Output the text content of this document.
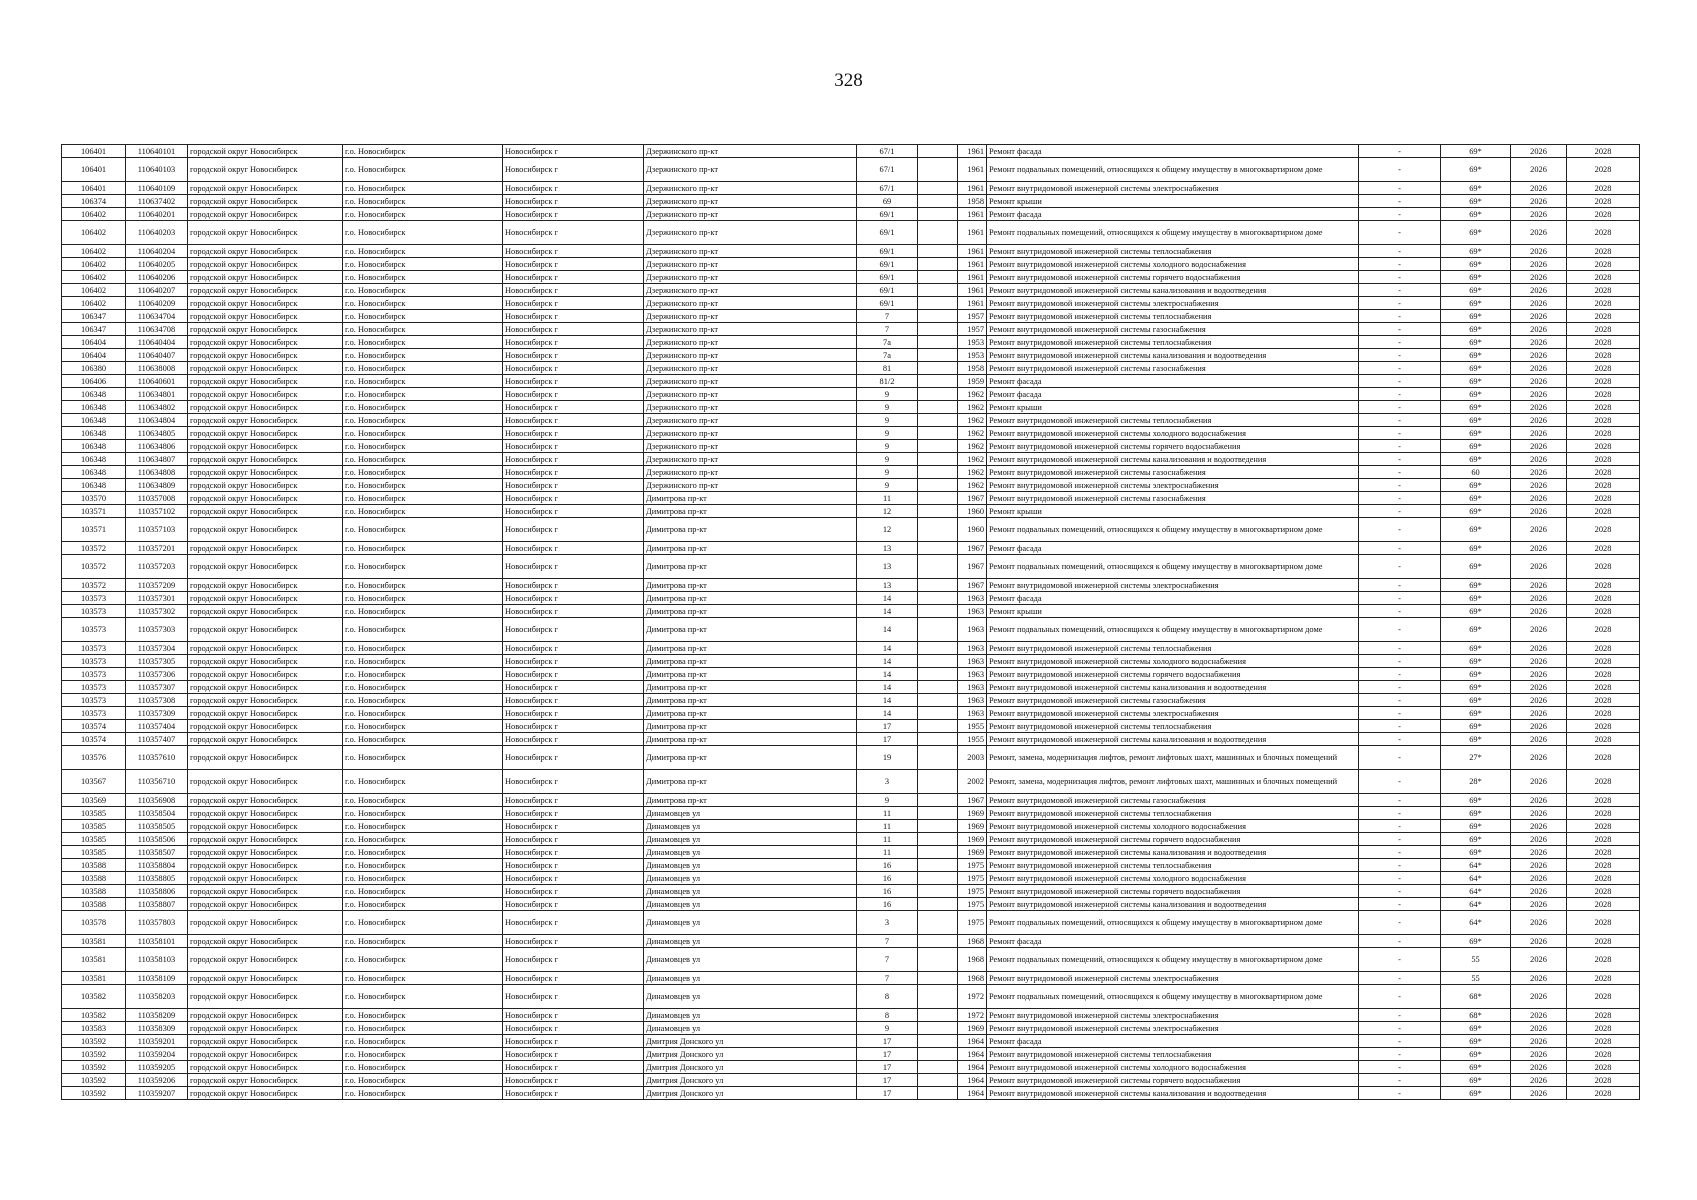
328
106401	110640101	городской округ Новосибирск	г.о. Новосибирск	Новосибирск г	Дзержинского пр-кт	67/1		1961	Ремонт фасада	-	69*	2026	2028
106401	110640103	городской округ Новосибирск	г.о. Новосибирск	Новосибирск г	Дзержинского пр-кт	67/1		1961	Ремонт подвальных помещений, относящихся к общему имуществу в многоквартирном доме	-	69*	2026	2028
106401	110640109	городской округ Новосибирск	г.о. Новосибирск	Новосибирск г	Дзержинского пр-кт	67/1		1961	Ремонт внутридомовой инженерной системы электроснабжения	-	69*	2026	2028
106374	110637402	городской округ Новосибирск	г.о. Новосибирск	Новосибирск г	Дзержинского пр-кт	69		1958	Ремонт крыши	-	69*	2026	2028
106402	110640201	городской округ Новосибирск	г.о. Новосибирск	Новосибирск г	Дзержинского пр-кт	69/1		1961	Ремонт фасада	-	69*	2026	2028
106402	110640203	городской округ Новосибирск	г.о. Новосибирск	Новосибирск г	Дзержинского пр-кт	69/1		1961	Ремонт подвальных помещений, относящихся к общему имуществу в многоквартирном доме	-	69*	2026	2028
106402	110640204	городской округ Новосибирск	г.о. Новосибирск	Новосибирск г	Дзержинского пр-кт	69/1		1961	Ремонт внутридомовой инженерной системы теплоснабжения	-	69*	2026	2028
106402	110640205	городской округ Новосибирск	г.о. Новосибирск	Новосибирск г	Дзержинского пр-кт	69/1		1961	Ремонт внутридомовой инженерной системы холодного водоснабжения	-	69*	2026	2028
106402	110640206	городской округ Новосибирск	г.о. Новосибирск	Новосибирск г	Дзержинского пр-кт	69/1		1961	Ремонт внутридомовой инженерной системы горячего водоснабжения	-	69*	2026	2028
106402	110640207	городской округ Новосибирск	г.о. Новосибирск	Новосибирск г	Дзержинского пр-кт	69/1		1961	Ремонт внутридомовой инженерной системы канализования и водоотведения	-	69*	2026	2028
106402	110640209	городской округ Новосибирск	г.о. Новосибирск	Новосибирск г	Дзержинского пр-кт	69/1		1961	Ремонт внутридомовой инженерной системы электроснабжения	-	69*	2026	2028
106347	110634704	городской округ Новосибирск	г.о. Новосибирск	Новосибирск г	Дзержинского пр-кт	7		1957	Ремонт внутридомовой инженерной системы теплоснабжения	-	69*	2026	2028
106347	110634708	городской округ Новосибирск	г.о. Новосибирск	Новосибирск г	Дзержинского пр-кт	7		1957	Ремонт внутридомовой инженерной системы газоснабжения	-	69*	2026	2028
106404	110640404	городской округ Новосибирск	г.о. Новосибирск	Новосибирск г	Дзержинского пр-кт	7а		1953	Ремонт внутридомовой инженерной системы теплоснабжения	-	69*	2026	2028
106404	110640407	городской округ Новосибирск	г.о. Новосибирск	Новосибирск г	Дзержинского пр-кт	7а		1953	Ремонт внутридомовой инженерной системы канализования и водоотведения	-	69*	2026	2028
106380	110638008	городской округ Новосибирск	г.о. Новосибирск	Новосибирск г	Дзержинского пр-кт	81		1958	Ремонт внутридомовой инженерной системы газоснабжения	-	69*	2026	2028
106406	110640601	городской округ Новосибирск	г.о. Новосибирск	Новосибирск г	Дзержинского пр-кт	81/2		1959	Ремонт фасада	-	69*	2026	2028
106348	110634801	городской округ Новосибирск	г.о. Новосибирск	Новосибирск г	Дзержинского пр-кт	9		1962	Ремонт фасада	-	69*	2026	2028
106348	110634802	городской округ Новосибирск	г.о. Новосибирск	Новосибирск г	Дзержинского пр-кт	9		1962	Ремонт крыши	-	69*	2026	2028
106348	110634804	городской округ Новосибирск	г.о. Новосибирск	Новосибирск г	Дзержинского пр-кт	9		1962	Ремонт внутридомовой инженерной системы теплоснабжения	-	69*	2026	2028
106348	110634805	городской округ Новосибирск	г.о. Новосибирск	Новосибирск г	Дзержинского пр-кт	9		1962	Ремонт внутридомовой инженерной системы холодного водоснабжения	-	69*	2026	2028
106348	110634806	городской округ Новосибирск	г.о. Новосибирск	Новосибирск г	Дзержинского пр-кт	9		1962	Ремонт внутридомовой инженерной системы горячего водоснабжения	-	69*	2026	2028
106348	110634807	городской округ Новосибирск	г.о. Новосибирск	Новосибирск г	Дзержинского пр-кт	9		1962	Ремонт внутридомовой инженерной системы канализования и водоотведения	-	69*	2026	2028
106348	110634808	городской округ Новосибирск	г.о. Новосибирск	Новосибирск г	Дзержинского пр-кт	9		1962	Ремонт внутридомовой инженерной системы газоснабжения	-	60	2026	2028
106348	110634809	городской округ Новосибирск	г.о. Новосибирск	Новосибирск г	Дзержинского пр-кт	9		1962	Ремонт внутридомовой инженерной системы электроснабжения	-	69*	2026	2028
103570	110357008	городской округ Новосибирск	г.о. Новосибирск	Новосибирск г	Димитрова пр-кт	11		1967	Ремонт внутридомовой инженерной системы газоснабжения	-	69*	2026	2028
103571	110357102	городской округ Новосибирск	г.о. Новосибирск	Новосибирск г	Димитрова пр-кт	12		1960	Ремонт крыши	-	69*	2026	2028
103571	110357103	городской округ Новосибирск	г.о. Новосибирск	Новосибирск г	Димитрова пр-кт	12		1960	Ремонт подвальных помещений, относящихся к общему имуществу в многоквартирном доме	-	69*	2026	2028
103572	110357201	городской округ Новосибирск	г.о. Новосибирск	Новосибирск г	Димитрова пр-кт	13		1967	Ремонт фасада	-	69*	2026	2028
103572	110357203	городской округ Новосибирск	г.о. Новосибирск	Новосибирск г	Димитрова пр-кт	13		1967	Ремонт подвальных помещений, относящихся к общему имуществу в многоквартирном доме	-	69*	2026	2028
103572	110357209	городской округ Новосибирск	г.о. Новосибирск	Новосибирск г	Димитрова пр-кт	13		1967	Ремонт внутридомовой инженерной системы электроснабжения	-	69*	2026	2028
103573	110357301	городской округ Новосибирск	г.о. Новосибирск	Новосибирск г	Димитрова пр-кт	14		1963	Ремонт фасада	-	69*	2026	2028
103573	110357302	городской округ Новосибирск	г.о. Новосибирск	Новосибирск г	Димитрова пр-кт	14		1963	Ремонт крыши	-	69*	2026	2028
103573	110357303	городской округ Новосибирск	г.о. Новосибирск	Новосибирск г	Димитрова пр-кт	14		1963	Ремонт подвальных помещений, относящихся к общему имуществу в многоквартирном доме	-	69*	2026	2028
103573	110357304	городской округ Новосибирск	г.о. Новосибирск	Новосибирск г	Димитрова пр-кт	14		1963	Ремонт внутридомовой инженерной системы теплоснабжения	-	69*	2026	2028
103573	110357305	городской округ Новосибирск	г.о. Новосибирск	Новосибирск г	Димитрова пр-кт	14		1963	Ремонт внутридомовой инженерной системы холодного водоснабжения	-	69*	2026	2028
103573	110357306	городской округ Новосибирск	г.о. Новосибирск	Новосибирск г	Димитрова пр-кт	14		1963	Ремонт внутридомовой инженерной системы горячего водоснабжения	-	69*	2026	2028
103573	110357307	городской округ Новосибирск	г.о. Новосибирск	Новосибирск г	Димитрова пр-кт	14		1963	Ремонт внутридомовой инженерной системы канализования и водоотведения	-	69*	2026	2028
103573	110357308	городской округ Новосибирск	г.о. Новосибирск	Новосибирск г	Димитрова пр-кт	14		1963	Ремонт внутридомовой инженерной системы газоснабжения	-	69*	2026	2028
103573	110357309	городской округ Новосибирск	г.о. Новосибирск	Новосибирск г	Димитрова пр-кт	14		1963	Ремонт внутридомовой инженерной системы электроснабжения	-	69*	2026	2028
103574	110357404	городской округ Новосибирск	г.о. Новосибирск	Новосибирск г	Димитрова пр-кт	17		1955	Ремонт внутридомовой инженерной системы теплоснабжения	-	69*	2026	2028
103574	110357407	городской округ Новосибирск	г.о. Новосибирск	Новосибирск г	Димитрова пр-кт	17		1955	Ремонт внутридомовой инженерной системы канализования и водоотведения	-	69*	2026	2028
103576	110357610	городской округ Новосибирск	г.о. Новосибирск	Новосибирск г	Димитрова пр-кт	19		2003	Ремонт, замена, модернизация лифтов, ремонт лифтовых шахт, машинных и блочных помещений	-	27*	2026	2028
103567	110356710	городской округ Новосибирск	г.о. Новосибирск	Новосибирск г	Димитрова пр-кт	3		2002	Ремонт, замена, модернизация лифтов, ремонт лифтовых шахт, машинных и блочных помещений	-	28*	2026	2028
103569	110356908	городской округ Новосибирск	г.о. Новосибирск	Новосибирск г	Димитрова пр-кт	9		1967	Ремонт внутридомовой инженерной системы газоснабжения	-	69*	2026	2028
103585	110358504	городской округ Новосибирск	г.о. Новосибирск	Новосибирск г	Динамовцев ул	11		1969	Ремонт внутридомовой инженерной системы теплоснабжения	-	69*	2026	2028
103585	110358505	городской округ Новосибирск	г.о. Новосибирск	Новосибирск г	Динамовцев ул	11		1969	Ремонт внутридомовой инженерной системы холодного водоснабжения	-	69*	2026	2028
103585	110358506	городской округ Новосибирск	г.о. Новосибирск	Новосибирск г	Динамовцев ул	11		1969	Ремонт внутридомовой инженерной системы горячего водоснабжения	-	69*	2026	2028
103585	110358507	городской округ Новосибирск	г.о. Новосибирск	Новосибирск г	Динамовцев ул	11		1969	Ремонт внутридомовой инженерной системы канализования и водоотведения	-	69*	2026	2028
103588	110358804	городской округ Новосибирск	г.о. Новосибирск	Новосибирск г	Динамовцев ул	16		1975	Ремонт внутридомовой инженерной системы теплоснабжения	-	64*	2026	2028
103588	110358805	городской округ Новосибирск	г.о. Новосибирск	Новосибирск г	Динамовцев ул	16		1975	Ремонт внутридомовой инженерной системы холодного водоснабжения	-	64*	2026	2028
103588	110358806	городской округ Новосибирск	г.о. Новосибирск	Новосибирск г	Динамовцев ул	16		1975	Ремонт внутридомовой инженерной системы горячего водоснабжения	-	64*	2026	2028
103588	110358807	городской округ Новосибирск	г.о. Новосибирск	Новосибирск г	Динамовцев ул	16		1975	Ремонт внутридомовой инженерной системы канализования и водоотведения	-	64*	2026	2028
103578	110357803	городской округ Новосибирск	г.о. Новосибирск	Новосибирск г	Динамовцев ул	3		1975	Ремонт подвальных помещений, относящихся к общему имуществу в многоквартирном доме	-	64*	2026	2028
103581	110358101	городской округ Новосибирск	г.о. Новосибирск	Новосибирск г	Динамовцев ул	7		1968	Ремонт фасада	-	69*	2026	2028
103581	110358103	городской округ Новосибирск	г.о. Новосибирск	Новосибирск г	Динамовцев ул	7		1968	Ремонт подвальных помещений, относящихся к общему имуществу в многоквартирном доме	-	55	2026	2028
103581	110358109	городской округ Новосибирск	г.о. Новосибирск	Новосибирск г	Динамовцев ул	7		1968	Ремонт внутридомовой инженерной системы электроснабжения	-	55	2026	2028
103582	110358203	городской округ Новосибирск	г.о. Новосибирск	Новосибирск г	Динамовцев ул	8		1972	Ремонт подвальных помещений, относящихся к общему имуществу в многоквартирном доме	-	68*	2026	2028
103582	110358209	городской округ Новосибирск	г.о. Новосибирск	Новосибирск г	Динамовцев ул	8		1972	Ремонт внутридомовой инженерной системы электроснабжения	-	68*	2026	2028
103583	110358309	городской округ Новосибирск	г.о. Новосибирск	Новосибирск г	Динамовцев ул	9		1969	Ремонт внутридомовой инженерной системы электроснабжения	-	69*	2026	2028
103592	110359201	городской округ Новосибирск	г.о. Новосибирск	Новосибирск г	Дмитрия Донского ул	17		1964	Ремонт фасада	-	69*	2026	2028
103592	110359204	городской округ Новосибирск	г.о. Новосибирск	Новосибирск г	Дмитрия Донского ул	17		1964	Ремонт внутридомовой инженерной системы теплоснабжения	-	69*	2026	2028
103592	110359205	городской округ Новосибирск	г.о. Новосибирск	Новосибирск г	Дмитрия Донского ул	17		1964	Ремонт внутридомовой инженерной системы холодного водоснабжения	-	69*	2026	2028
103592	110359206	городской округ Новосибирск	г.о. Новосибирск	Новосибирск г	Дмитрия Донского ул	17		1964	Ремонт внутридомовой инженерной системы горячего водоснабжения	-	69*	2026	2028
103592	110359207	городской округ Новосибирск	г.о. Новосибирск	Новосибирск г	Дмитрия Донского ул	17		1964	Ремонт внутридомовой инженерной системы канализования и водоотведения	-	69*	2026	2028
